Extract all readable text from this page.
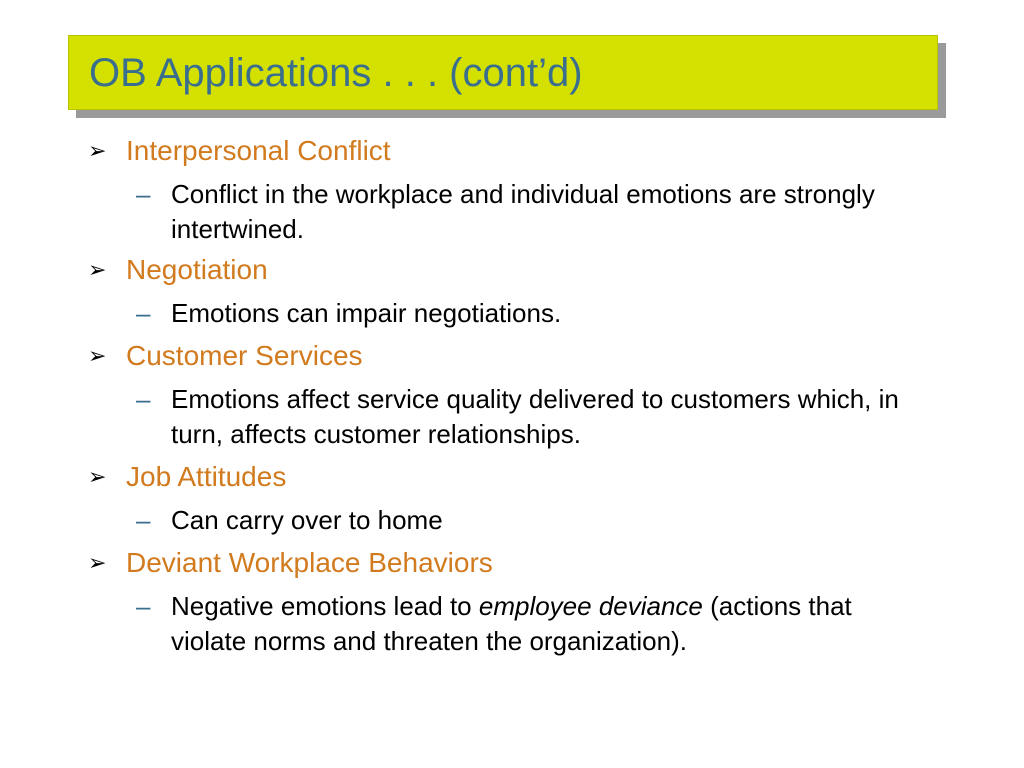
OB Applications . . . (cont’d)
➢ Interpersonal Conflict
– Conflict in the workplace and individual emotions are strongly intertwined.
➢ Negotiation
– Emotions can impair negotiations.
➢ Customer Services
– Emotions affect service quality delivered to customers which, in turn, affects customer relationships.
➢ Job Attitudes
– Can carry over to home
➢ Deviant Workplace Behaviors
– Negative emotions lead to employee deviance (actions that violate norms and threaten the organization).
